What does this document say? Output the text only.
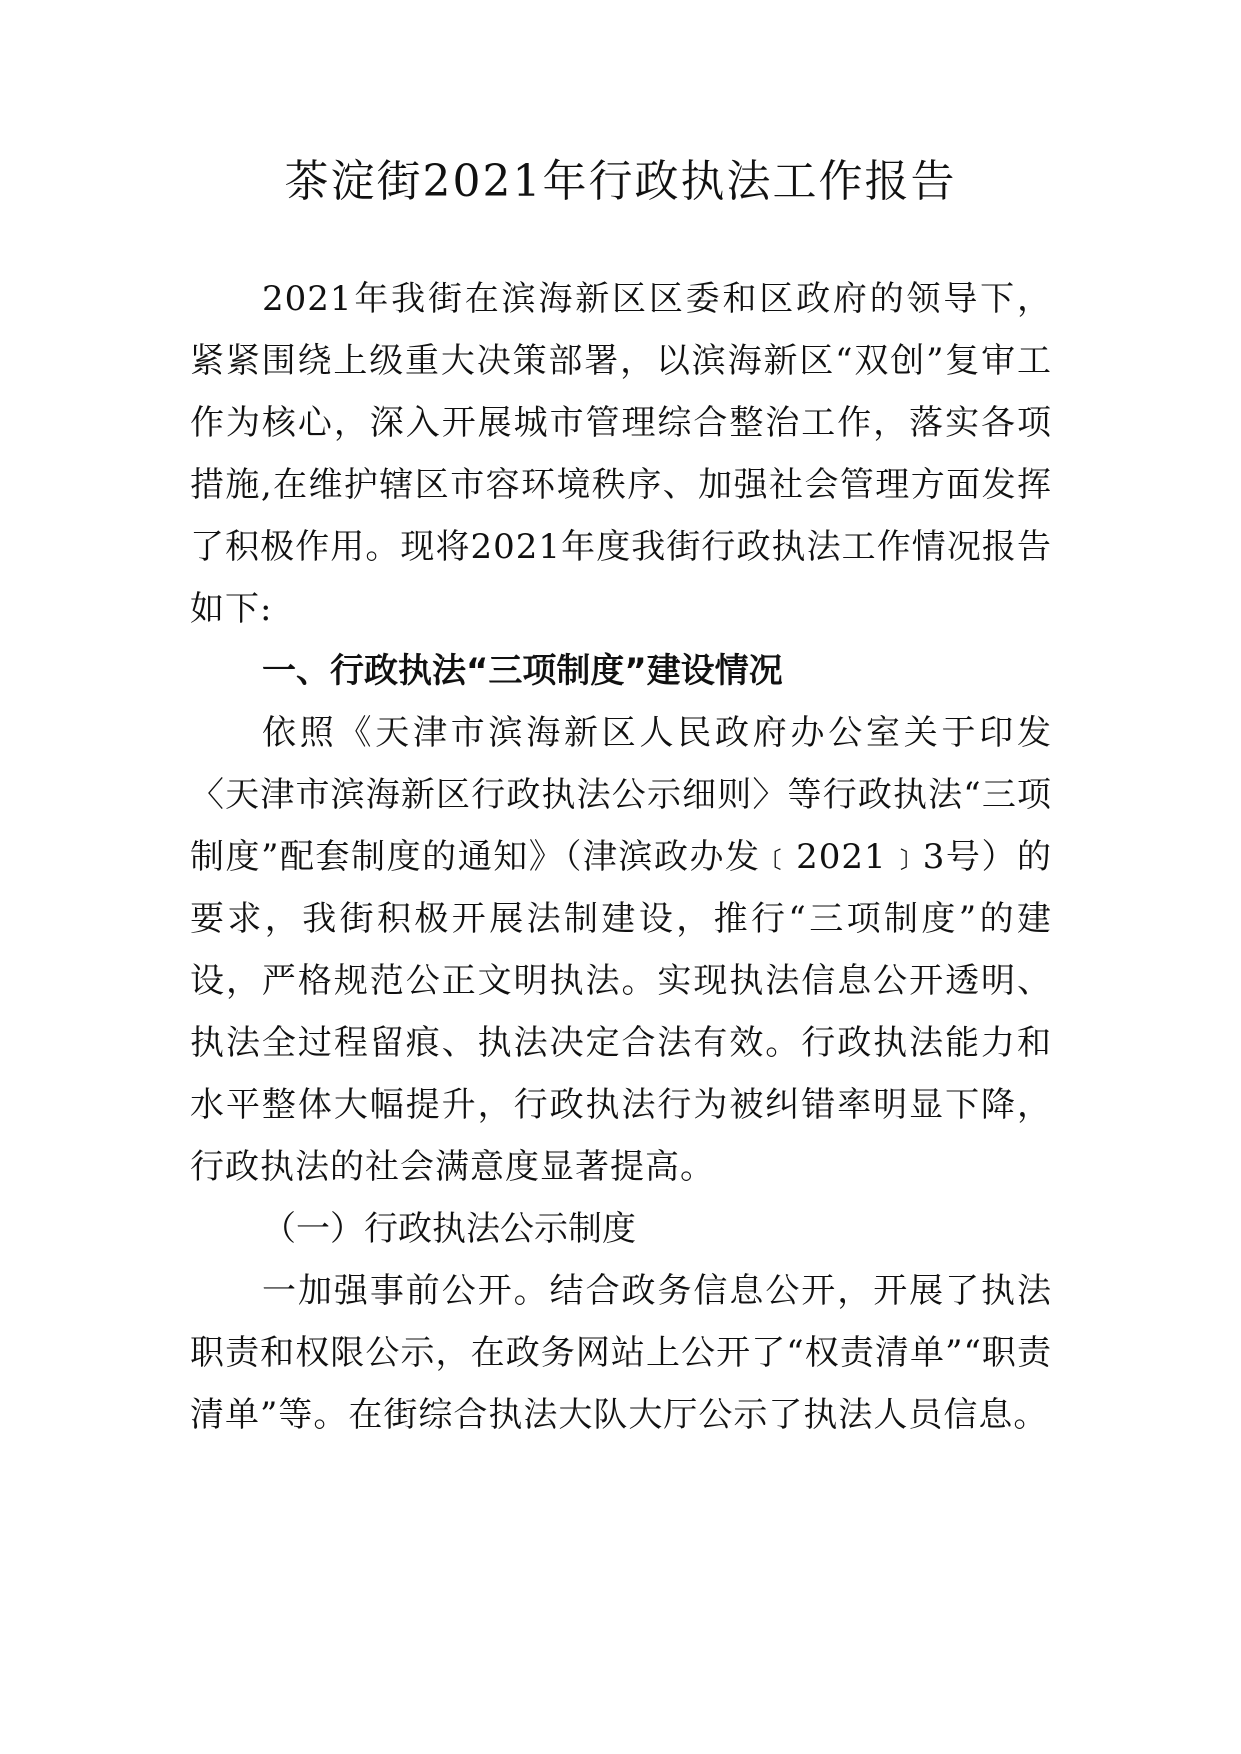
茶淀街2021年行政执法工作报告

2021年我街在滨海新区区委和区政府的领导下，紧紧围绕上级重大决策部署，以滨海新区“双创”复审工作为核心，深入开展城市管理综合整治工作，落实各项措施,在维护辖区市容环境秩序、加强社会管理方面发挥了积极作用。现将2021年度我街行政执法工作情况报告如下:

一、行政执法“三项制度”建设情况

依照《天津市滨海新区人民政府办公室关于印发〈天津市滨海新区行政执法公示细则〉等行政执法“三项制度”配套制度的通知》（津滨政办发﹝2021﹞3号）的要求，我街积极开展法制建设，推行“三项制度”的建设，严格规范公正文明执法。实现执法信息公开透明、执法全过程留痕、执法决定合法有效。行政执法能力和水平整体大幅提升，行政执法行为被纠错率明显下降，行政执法的社会满意度显著提高。

（一）行政执法公示制度

一加强事前公开。结合政务信息公开，开展了执法职责和权限公示，在政务网站上公开了“权责清单”“职责清单”等。在街综合执法大队大厅公示了执法人员信息。
